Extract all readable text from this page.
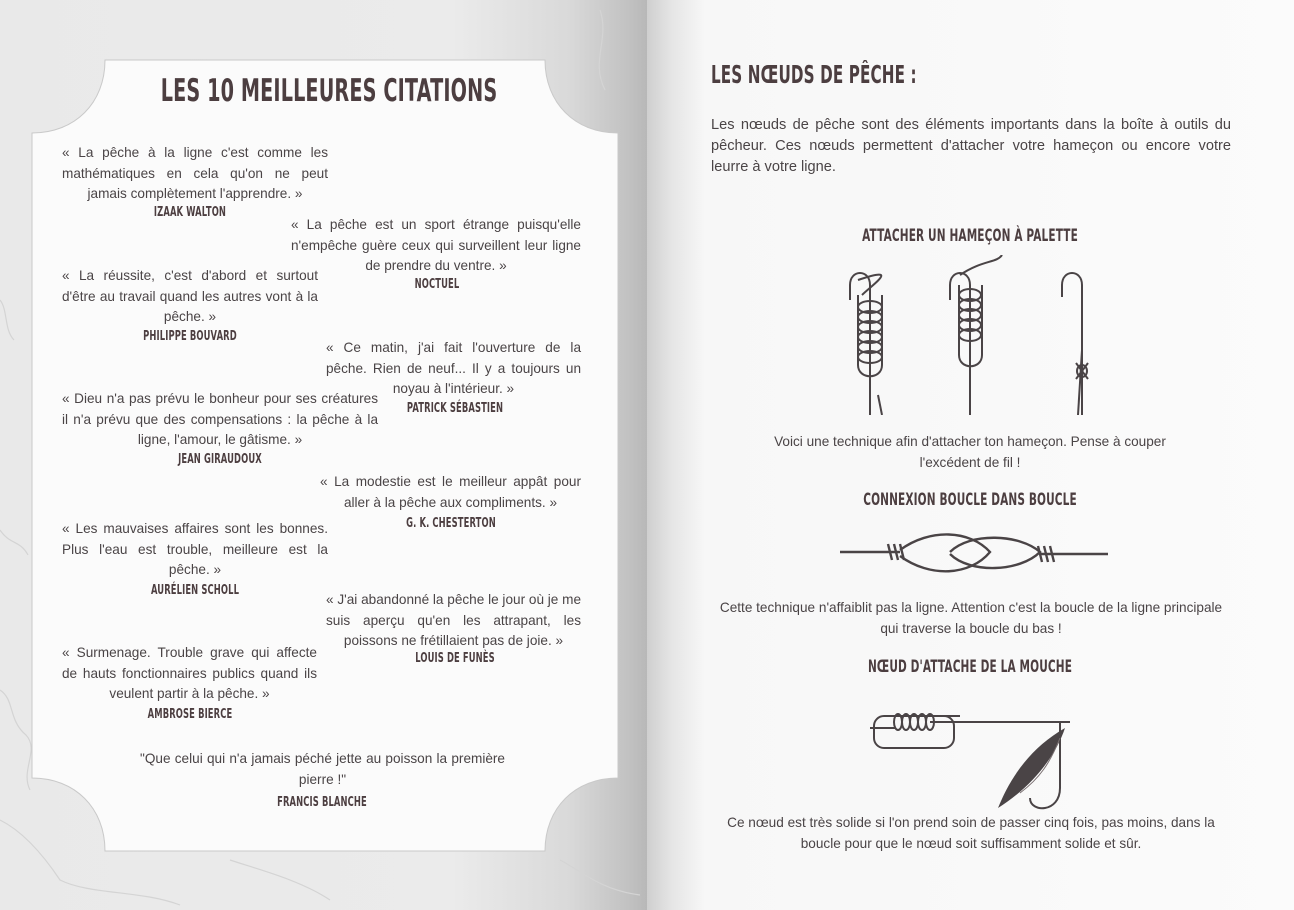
LES 10 MEILLEURES CITATIONS
« La pêche à la ligne c'est comme les mathématiques en cela qu'on ne peut jamais complètement l'apprendre. »
IZAAK WALTON
« La pêche est un sport étrange puisqu'elle n'empêche guère ceux qui surveillent leur ligne de prendre du ventre. »
NOCTUEL
« La réussite, c'est d'abord et surtout d'être au travail quand les autres vont à la pêche. »
PHILIPPE BOUVARD
« Ce matin, j'ai fait l'ouverture de la pêche. Rien de neuf... Il y a toujours un noyau à l'intérieur. »
PATRICK SÉBASTIEN
« Dieu n'a pas prévu le bonheur pour ses créatures il n'a prévu que des compensations : la pêche à la ligne, l'amour, le gâtisme. »
JEAN GIRAUDOUX
« La modestie est le meilleur appât pour aller à la pêche aux compliments. »
G. K. CHESTERTON
« Les mauvaises affaires sont les bonnes. Plus l'eau est trouble, meilleure est la pêche. »
AURÉLIEN SCHOLL
« J'ai abandonné la pêche le jour où je me suis aperçu qu'en les attrapant, les poissons ne frétillaient pas de joie. »
LOUIS DE FUNÈS
« Surmenage. Trouble grave qui affecte de hauts fonctionnaires publics quand ils veulent partir à la pêche. »
AMBROSE BIERCE
"Que celui qui n'a jamais péché jette au poisson la première pierre !"
FRANCIS BLANCHE
LES NŒUDS DE PÊCHE :
Les nœuds de pêche sont des éléments importants dans la boîte à outils du pêcheur. Ces nœuds permettent d'attacher votre hameçon ou encore votre leurre à votre ligne.
ATTACHER UN HAMEÇON À PALETTE
Voici une technique afin d'attacher ton hameçon. Pense à couper l'excédent de fil !
CONNEXION BOUCLE DANS BOUCLE
Cette technique n'affaiblit pas la ligne. Attention c'est la boucle de la ligne principale qui traverse la boucle du bas !
NŒUD D'ATTACHE DE LA MOUCHE
Ce nœud est très solide si l'on prend soin de passer cinq fois, pas moins, dans la boucle pour que le nœud soit suffisamment solide et sûr.
